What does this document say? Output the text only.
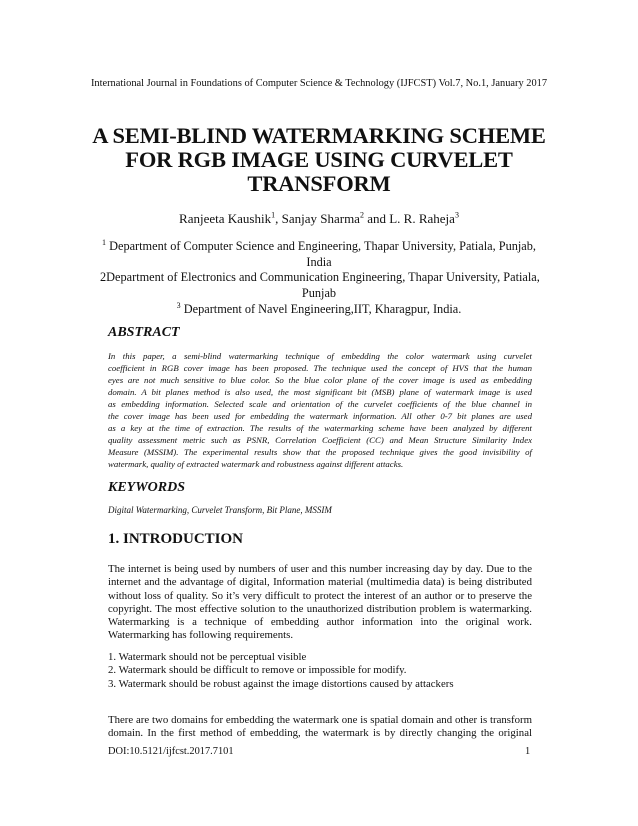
International Journal in Foundations of Computer Science & Technology (IJFCST) Vol.7, No.1, January 2017
A SEMI-BLIND WATERMARKING SCHEME
FOR RGB IMAGE USING CURVELET
TRANSFORM
Ranjeeta Kaushik$^1$, Sanjay Sharma$^2$ and L. R. Raheja$^3$
$^1$ Department of Computer Science and Engineering, Thapar University, Patiala, Punjab,
India
2Department of Electronics and Communication Engineering, Thapar University, Patiala,
Punjab
$^3$ Department of Navel Engineering,IIT, Kharagpur, India.
ABSTRACT
In this paper, a semi-blind watermarking technique of embedding the color watermark using curvelet
coefficient in RGB cover image has been proposed. The technique used the concept of HVS that the human
eyes are not much sensitive to blue color. So the blue color plane of the cover image is used as embedding
domain. A bit planes method is also used, the most significant bit (MSB) plane of watermark image is used
as embedding information. Selected scale and orientation of the curvelet coefficients of the blue channel in
the cover image has been used for embedding the watermark information. All other 0-7 bit planes are used
as a key at the time of extraction. The results of the watermarking scheme have been analyzed by different
quality assessment metric such as PSNR, Correlation Coefficient (CC) and Mean Structure Similarity Index
Measure (MSSIM). The experimental results show that the proposed technique gives the good invisibility of
watermark, quality of extracted watermark and robustness against different attacks.
KEYWORDS
Digital Watermarking, Curvelet Transform, Bit Plane, MSSIM
1. INTRODUCTION
The internet is being used by numbers of user and this number increasing day by day. Due to the
internet and the advantage of digital, Information material (multimedia data) is being distributed
without loss of quality. So it’s very difficult to protect the interest of an author or to preserve the
copyright. The most effective solution to the unauthorized distribution problem is watermarking.
Watermarking is a technique of embedding author information into the original work.
Watermarking has following requirements.
1. Watermark should not be perceptual visible
2. Watermark should be difficult to remove or impossible for modify.
3. Watermark should be robust against the image distortions caused by attackers
There are two domains for embedding the watermark one is spatial domain and other is transform
domain. In the first method of embedding, the watermark is by directly changing the original
DOI:10.5121/ijfcst.2017.7101	1
